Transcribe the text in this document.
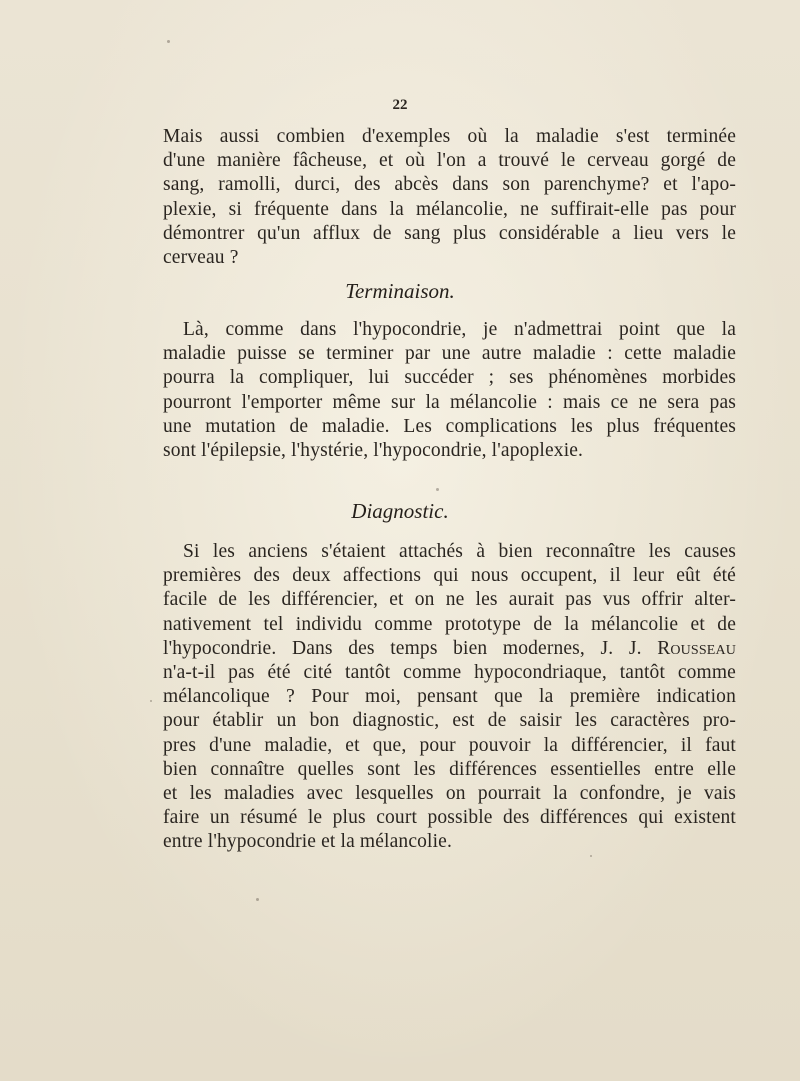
22
Mais aussi combien d'exemples où la maladie s'est terminée
d'une manière fâcheuse, et où l'on a trouvé le cerveau gorgé de
sang, ramolli, durci, des abcès dans son parenchyme? et l'apo-
plexie, si fréquente dans la mélancolie, ne suffirait-elle pas pour
démontrer qu'un afflux de sang plus considérable a lieu vers le
cerveau ?
Terminaison.
Là, comme dans l'hypocondrie, je n'admettrai point que la
maladie puisse se terminer par une autre maladie : cette maladie
pourra la compliquer, lui succéder ; ses phénomènes morbides
pourront l'emporter même sur la mélancolie : mais ce ne sera pas
une mutation de maladie. Les complications les plus fréquentes
sont l'épilepsie, l'hystérie, l'hypocondrie, l'apoplexie.
Diagnostic.
Si les anciens s'étaient attachés à bien reconnaître les causes
premières des deux affections qui nous occupent, il leur eût été
facile de les différencier, et on ne les aurait pas vus offrir alter-
nativement tel individu comme prototype de la mélancolie et de
l'hypocondrie. Dans des temps bien modernes, J. J. Rousseau
n'a-t-il pas été cité tantôt comme hypocondriaque, tantôt comme
mélancolique ? Pour moi, pensant que la première indication
pour établir un bon diagnostic, est de saisir les caractères pro-
pres d'une maladie, et que, pour pouvoir la différencier, il faut
bien connaître quelles sont les différences essentielles entre elle
et les maladies avec lesquelles on pourrait la confondre, je vais
faire un résumé le plus court possible des différences qui existent
entre l'hypocondrie et la mélancolie.
